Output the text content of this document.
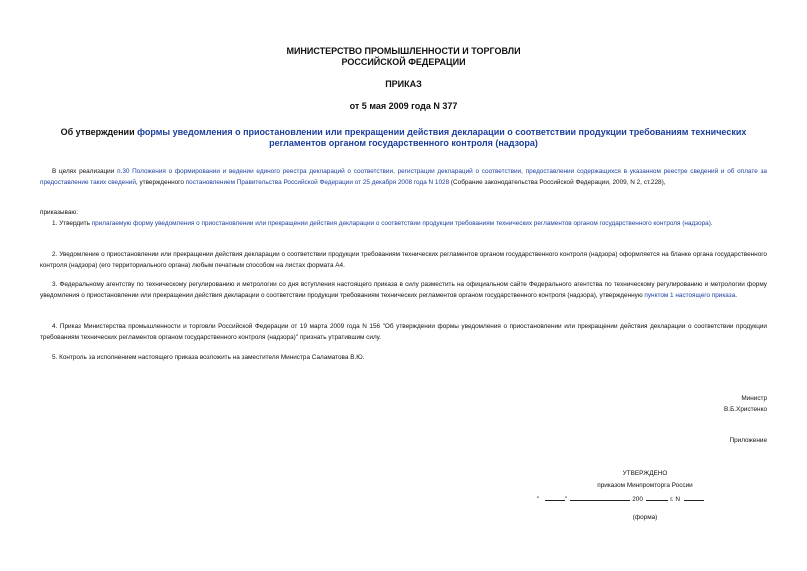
МИНИСТЕРСТВО ПРОМЫШЛЕННОСТИ И ТОРГОВЛИ
РОССИЙСКОЙ ФЕДЕРАЦИИ
ПРИКАЗ
от 5 мая 2009 года N 377
Об утверждении формы уведомления о приостановлении или прекращении действия декларации о соответствии продукции требованиям технических регламентов органом государственного контроля (надзора)
В целях реализации п.30 Положения о формировании и ведении единого реестра деклараций о соответствии, регистрации деклараций о соответствии, предоставлении содержащихся в указанном реестре сведений и об оплате за предоставление таких сведений, утвержденного постановлением Правительства Российской Федерации от 25 декабря 2008 года N 1028 (Собрание законодательства Российской Федерации, 2009, N 2, ст.228),
приказываю:
1. Утвердить прилагаемую форму уведомления о приостановлении или прекращении действия декларации о соответствии продукции требованиям технических регламентов органом государственного контроля (надзора).
2. Уведомление о приостановлении или прекращении действия декларации о соответствии продукции требованиям технических регламентов органом государственного контроля (надзора) оформляется на бланке органа государственного контроля (надзора) (его территориального органа) любым печатным способом на листах формата А4.
3. Федеральному агентству по техническому регулированию и метрологии со дня вступления настоящего приказа в силу разместить на официальном сайте Федерального агентства по техническому регулированию и метрологии форму уведомления о приостановлении или прекращении действия декларации о соответствии продукции требованиям технических регламентов органом государственного контроля (надзора), утвержденную пунктом 1 настоящего приказа.
4. Приказ Министерства промышленности и торговли Российской Федерации от 19 марта 2009 года N 156 "Об утверждении формы уведомления о приостановлении или прекращении действия декларации о соответствии продукции требованиям технических регламентов органом государственного контроля (надзора)" признать утратившим силу.
5. Контроль за исполнением настоящего приказа возложить на заместителя Министра Саламатова В.Ю.
Министр
В.Б.Христенко
Приложение
УТВЕРЖДЕНО
приказом Минпромторга России
"	"	200	г. N
(форма)
